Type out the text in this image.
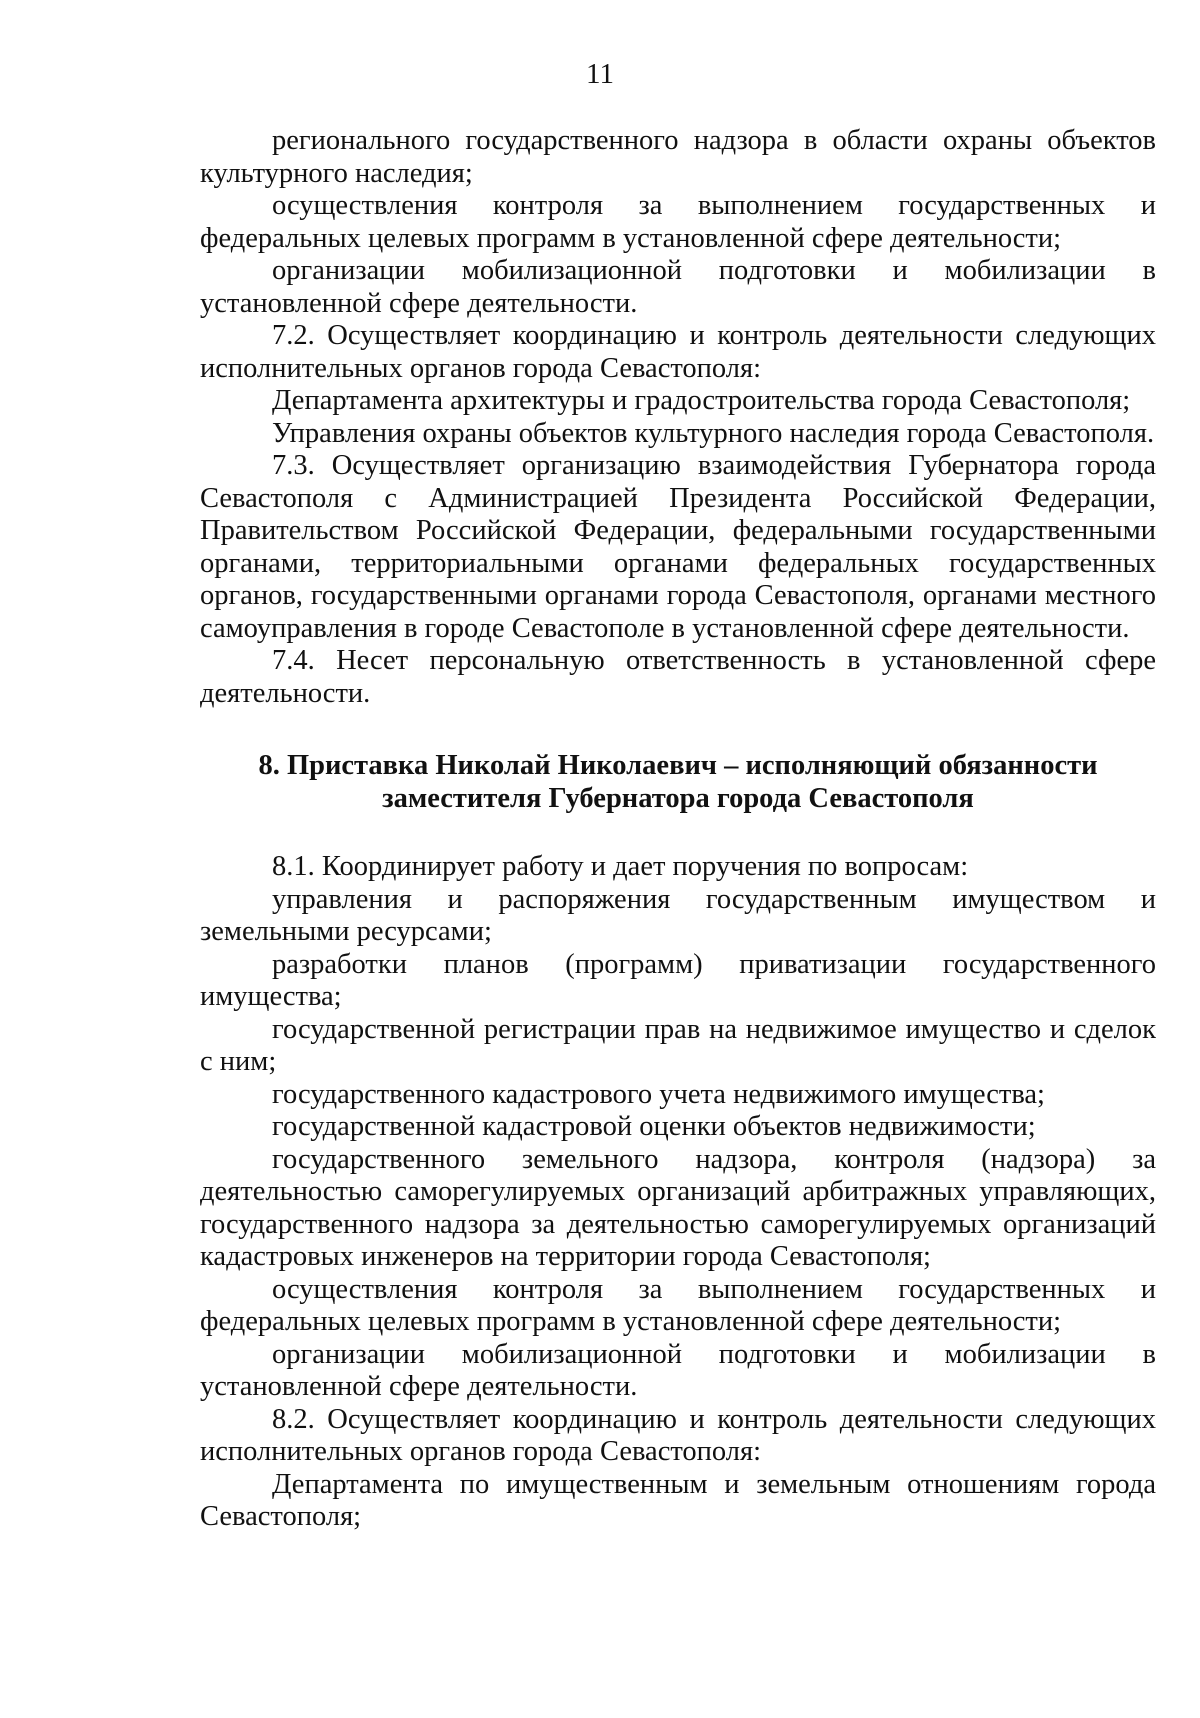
11

регионального государственного надзора в области охраны объектов культурного наследия;

осуществления контроля за выполнением государственных и федеральных целевых программ в установленной сфере деятельности;

организации мобилизационной подготовки и мобилизации в установленной сфере деятельности.

7.2. Осуществляет координацию и контроль деятельности следующих исполнительных органов города Севастополя:

Департамента архитектуры и градостроительства города Севастополя;

Управления охраны объектов культурного наследия города Севастополя.

7.3. Осуществляет организацию взаимодействия Губернатора города Севастополя с Администрацией Президента Российской Федерации, Правительством Российской Федерации, федеральными государственными органами, территориальными органами федеральных государственных органов, государственными органами города Севастополя, органами местного самоуправления в городе Севастополе в установленной сфере деятельности.

7.4. Несет персональную ответственность в установленной сфере деятельности.

8. Приставка Николай Николаевич – исполняющий обязанности
заместителя Губернатора города Севастополя

8.1. Координирует работу и дает поручения по вопросам:

управления и распоряжения государственным имуществом и земельными ресурсами;

разработки планов (программ) приватизации государственного имущества;

государственной регистрации прав на недвижимое имущество и сделок с ним;

государственного кадастрового учета недвижимого имущества;

государственной кадастровой оценки объектов недвижимости;

государственного земельного надзора, контроля (надзора) за деятельностью саморегулируемых организаций арбитражных управляющих, государственного надзора за деятельностью саморегулируемых организаций кадастровых инженеров на территории города Севастополя;

осуществления контроля за выполнением государственных и федеральных целевых программ в установленной сфере деятельности;

организации мобилизационной подготовки и мобилизации в установленной сфере деятельности.

8.2. Осуществляет координацию и контроль деятельности следующих исполнительных органов города Севастополя:

Департамента по имущественным и земельным отношениям города Севастополя;
